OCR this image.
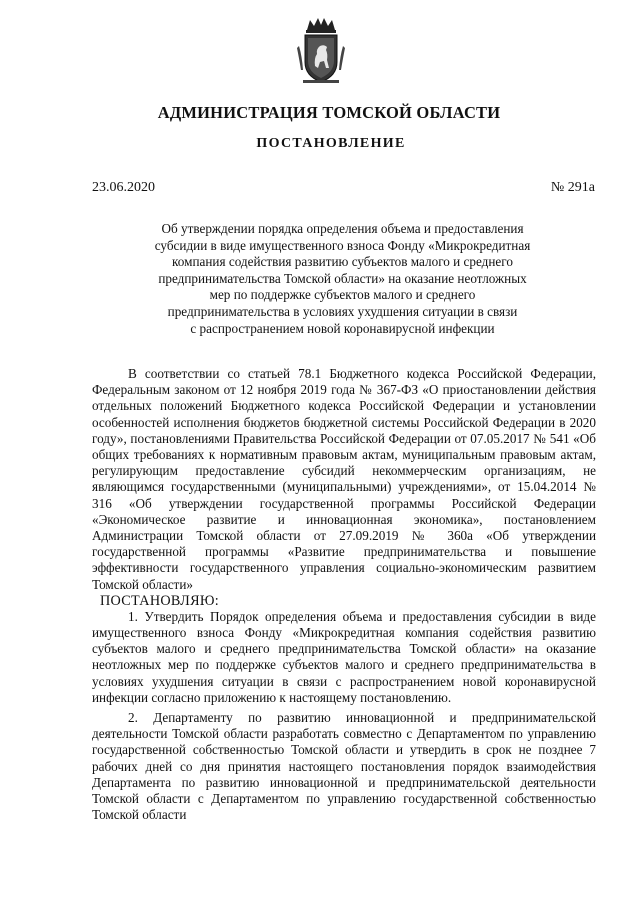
АДМИНИСТРАЦИЯ ТОМСКОЙ ОБЛАСТИ
ПОСТАНОВЛЕНИЕ
23.06.2020	№ 291а
Об утверждении порядка определения объема и предоставления
субсидии в виде имущественного взноса Фонду «Микрокредитная
компания содействия развитию субъектов малого и среднего
предпринимательства Томской области» на оказание неотложных
мер по поддержке субъектов малого и среднего
предпринимательства в условиях ухудшения ситуации в связи
с распространением новой коронавирусной инфекции

В соответствии со статьей 78.1 Бюджетного кодекса Российской Федерации, Федеральным законом от 12 ноября 2019 года № 367-ФЗ «О приостановлении действия отдельных положений Бюджетного кодекса Российской Федерации и установлении особенностей исполнения бюджетов бюджетной системы Российской Федерации в 2020 году», постановлениями Правительства Российской Федерации от 07.05.2017 № 541 «Об общих требованиях к нормативным правовым актам, муниципальным правовым актам, регулирующим предоставление субсидий некоммерческим организациям, не являющимся государственными (муниципальными) учреждениями», от 15.04.2014 № 316 «Об утверждении государственной программы Российской Федерации «Экономическое развитие и инновационная экономика», постановлением Администрации Томской области от 27.09.2019 № 360а «Об утверждении государственной программы «Развитие предпринимательства и повышение эффективности государственного управления социально-экономическим развитием Томской области»

ПОСТАНОВЛЯЮ:

1. Утвердить Порядок определения объема и предоставления субсидии в виде имущественного взноса Фонду «Микрокредитная компания содействия развитию субъектов малого и среднего предпринимательства Томской области» на оказание неотложных мер по поддержке субъектов малого и среднего предпринимательства в условиях ухудшения ситуации в связи с распространением новой коронавирусной инфекции согласно приложению к настоящему постановлению.

2. Департаменту по развитию инновационной и предпринимательской деятельности Томской области разработать совместно с Департаментом по управлению государственной собственностью Томской области и утвердить в срок не позднее 7 рабочих дней со дня принятия настоящего постановления порядок взаимодействия Департамента по развитию инновационной и предпринимательской деятельности Томской области с Департаментом по управлению государственной собственностью Томской области
